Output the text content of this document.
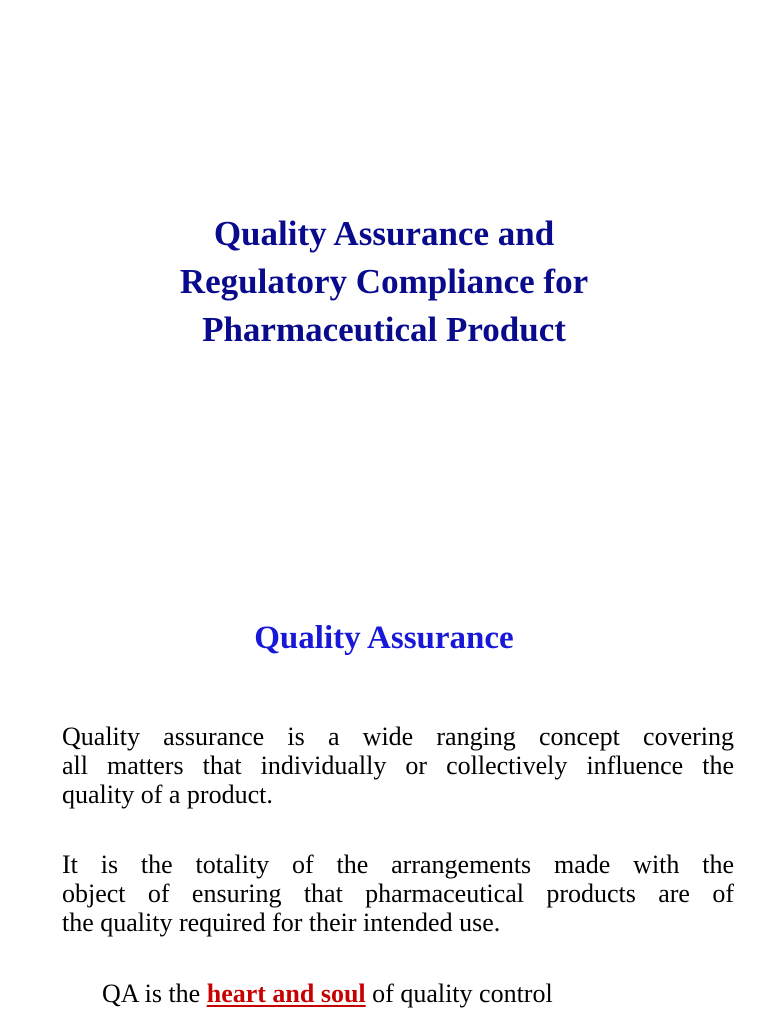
Quality Assurance and
Regulatory Compliance for
Pharmaceutical Product
Quality Assurance

Quality assurance is a wide ranging concept covering
all matters that individually or collectively influence the
quality of a product.

It is the totality of the arrangements made with the
object of ensuring that pharmaceutical products are of
the quality required for their intended use.

QA is the heart and soul of quality control
